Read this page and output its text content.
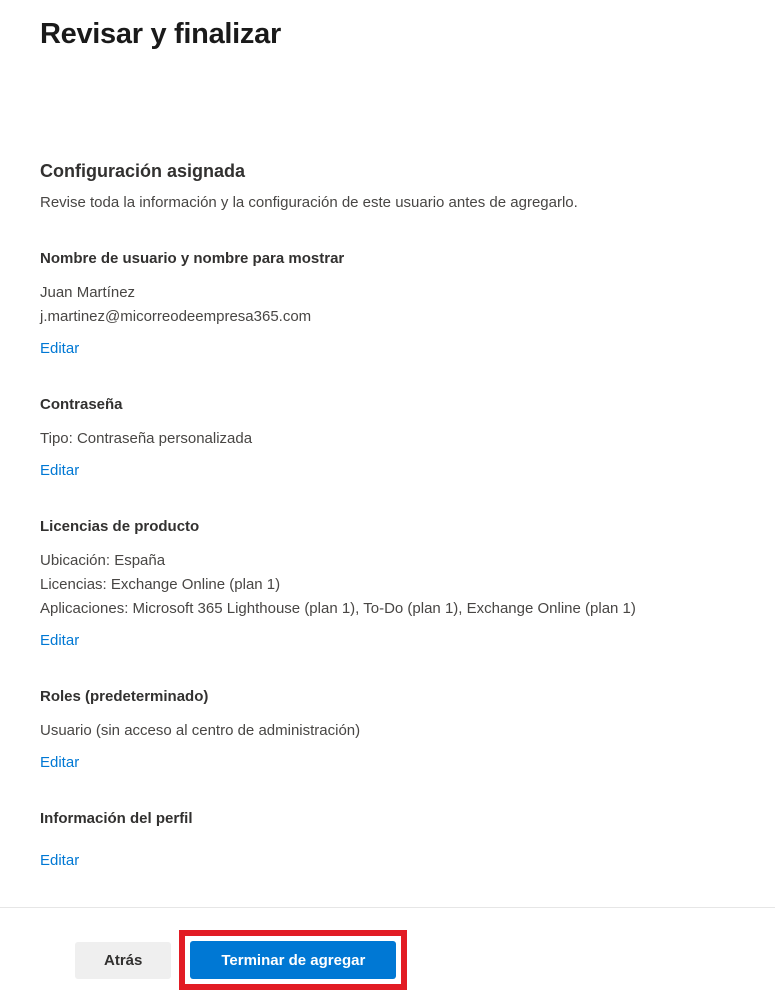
Revisar y finalizar
Configuración asignada

Revise toda la información y la configuración de este usuario antes de agregarlo.

Nombre de usuario y nombre para mostrar
Juan Martínez
j.martinez@micorreodeempresa365.com
Editar
Contraseña
Tipo: Contraseña personalizada
Editar
Licencias de producto
Ubicación: España
Licencias: Exchange Online (plan 1)
Aplicaciones: Microsoft 365 Lighthouse (plan 1), To-Do (plan 1), Exchange Online (plan 1)
Editar
Roles (predeterminado)
Usuario (sin acceso al centro de administración)
Editar
Información del perfil
Editar
Atrás	Terminar de agregar
